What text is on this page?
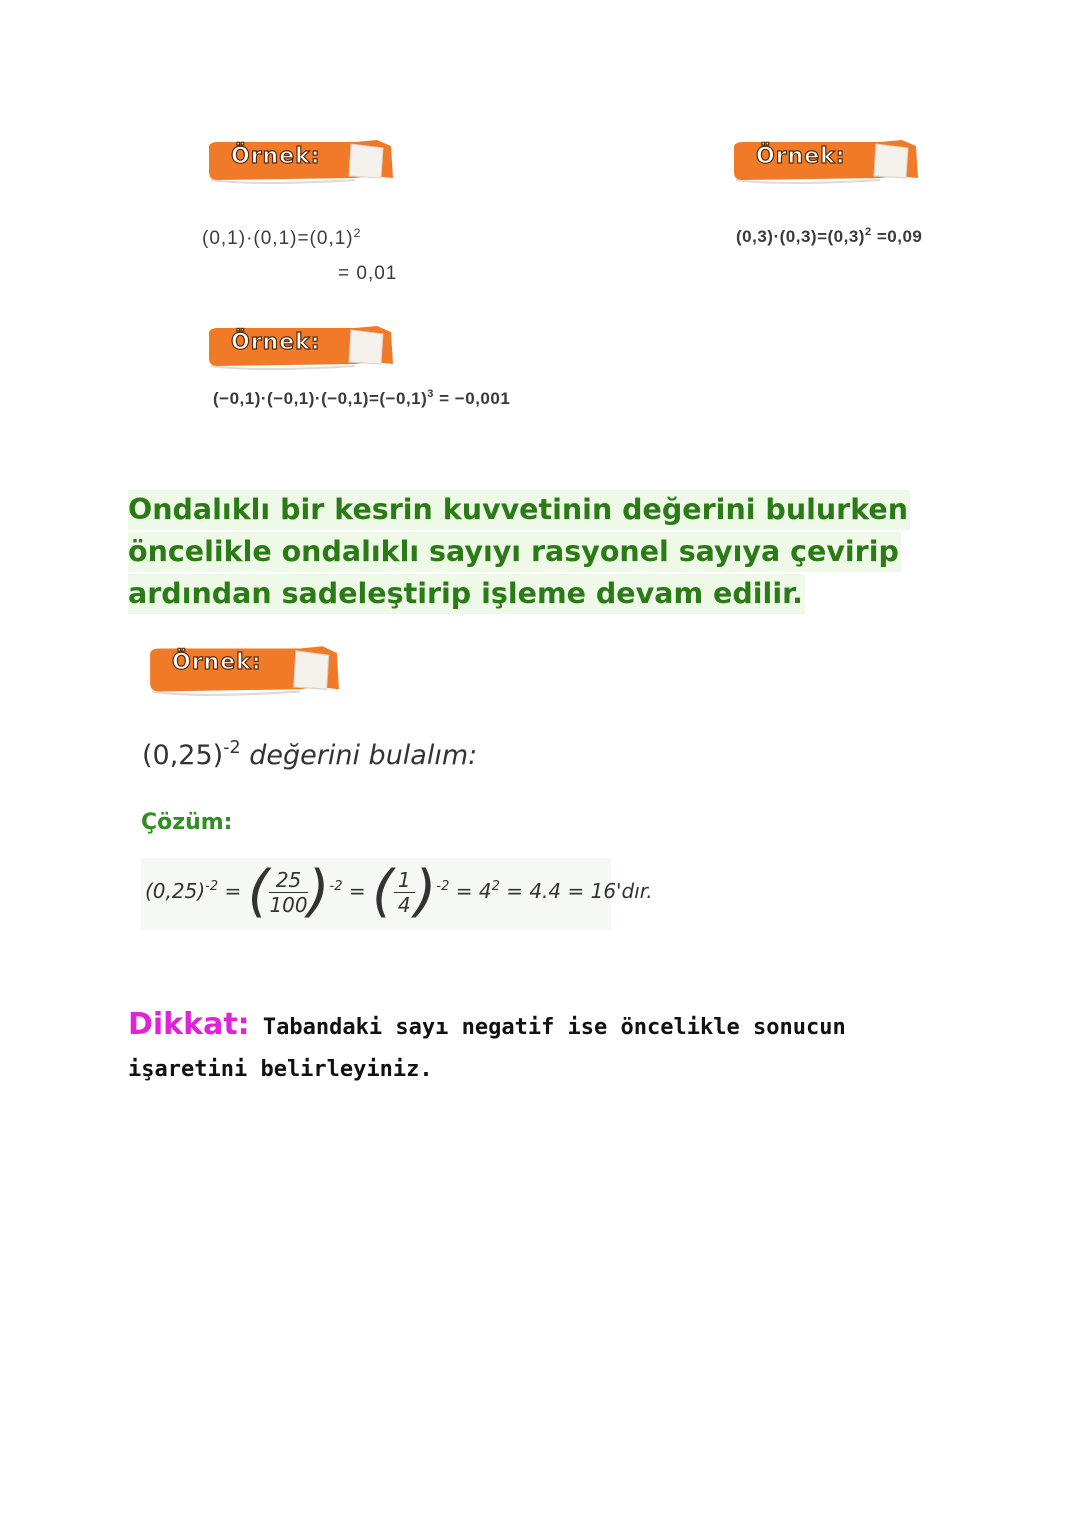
Örnek:	Örnek:
Örnek:
Örnek:
$(0,1)\cdot(0,1)=(0,1)^2$
= 0,01
$(0,3)\cdot(0,3)=(0,3)^2 =0,09$
$(-0,1)\cdot(-0,1)\cdot(-0,1)=(-0,1)^3 = -0,001$
Ondalıklı bir kesrin kuvvetinin değerini bulurken
öncelikle ondalıklı sayıyı rasyonel sayıya çevirip
ardından sadeleştirip işleme devam edilir.
$(0,25)^{-2}$ değerini bulalım:
Çözüm:
$(0,25)^{-2}$ = ( $\frac{25}{100} )^{-2}$ = ( $\frac{1}{4} )^{-2} = 4^2 = 4.4$ = 16'dır.
Dikkat: Tabandaki sayı negatif ise öncelikle sonucun işaretini belirleyiniz.
